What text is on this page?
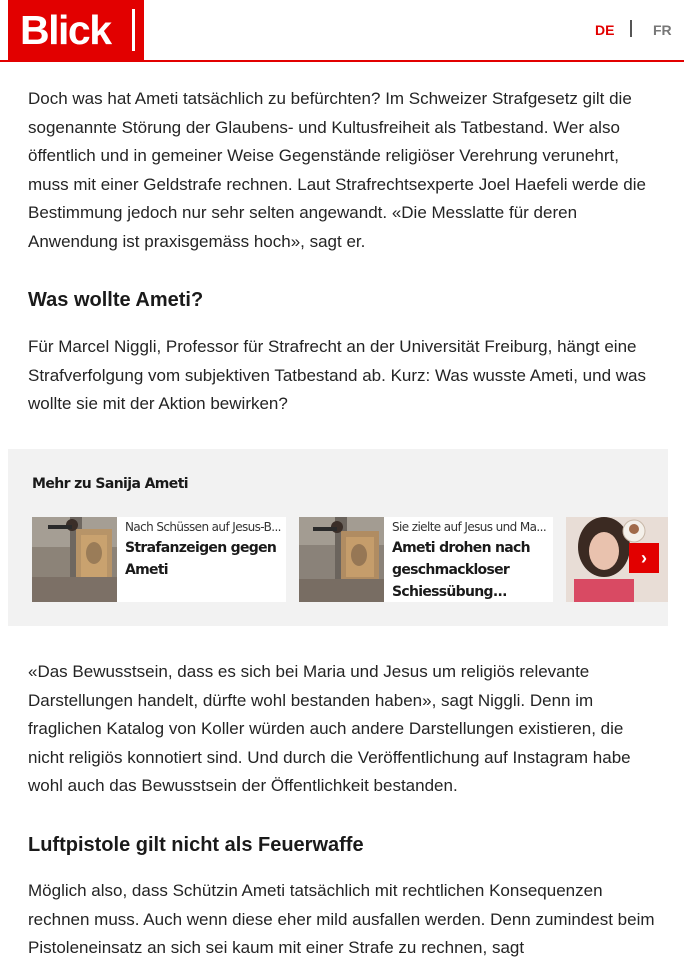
Blick	DE	FR

Doch was hat Ameti tatsächlich zu befürchten? Im Schweizer Strafgesetz gilt die sogenannte Störung der Glaubens- und Kultusfreiheit als Tatbestand. Wer also öffentlich und in gemeiner Weise Gegenstände religiöser Verehrung verunehrt, muss mit einer Geldstrafe rechnen. Laut Strafrechtsexperte Joel Haefeli werde die Bestimmung jedoch nur sehr selten angewandt. «Die Messlatte für deren Anwendung ist praxisgemäss hoch», sagt er.

Was wollte Ameti?

Für Marcel Niggli, Professor für Strafrecht an der Universität Freiburg, hängt eine Strafverfolgung vom subjektiven Tatbestand ab. Kurz: Was wusste Ameti, und was wollte sie mit der Aktion bewirken?

Mehr zu Sanija Ameti
Nach Schüssen auf Jesus-B...
Strafanzeigen gegen Ameti
Sie zielte auf Jesus und Ma...
Ameti drohen nach geschmackloser Schiessübung...
›

«Das Bewusstsein, dass es sich bei Maria und Jesus um religiös relevante Darstellungen handelt, dürfte wohl bestanden haben», sagt Niggli. Denn im fraglichen Katalog von Koller würden auch andere Darstellungen existieren, die nicht religiös konnotiert sind. Und durch die Veröffentlichung auf Instagram habe wohl auch das Bewusstsein der Öffentlichkeit bestanden.

Luftpistole gilt nicht als Feuerwaffe

Möglich also, dass Schützin Ameti tatsächlich mit rechtlichen Konsequenzen rechnen muss. Auch wenn diese eher mild ausfallen werden. Denn zumindest beim Pistoleneinsatz an sich sei kaum mit einer Strafe zu rechnen, sagt
